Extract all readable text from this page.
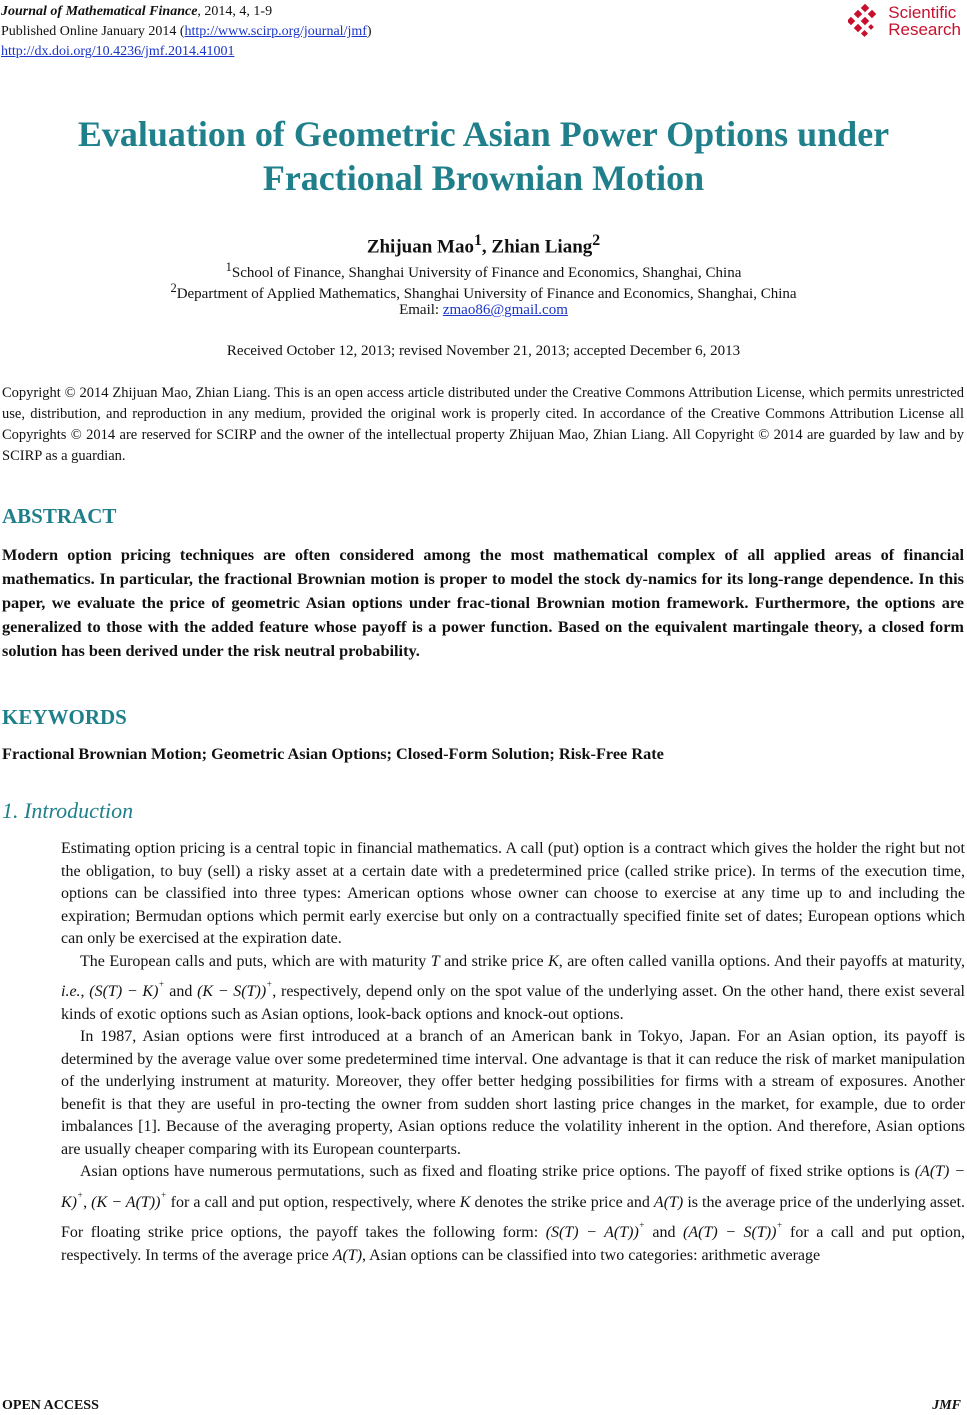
Journal of Mathematical Finance, 2014, 4, 1-9
Published Online January 2014 (http://www.scirp.org/journal/jmf)
http://dx.doi.org/10.4236/jmf.2014.41001
Scientific
Research
Evaluation of Geometric Asian Power Options under
Fractional Brownian Motion
Zhijuan Mao$^1$, Zhian Liang$^2$
$^1$School of Finance, Shanghai University of Finance and Economics, Shanghai, China
$^2$Department of Applied Mathematics, Shanghai University of Finance and Economics, Shanghai, China
Email: zmao86@gmail.com
Received October 12, 2013; revised November 21, 2013; accepted December 6, 2013
Copyright © 2014 Zhijuan Mao, Zhian Liang. This is an open access article distributed under the Creative Commons Attribution License, which permits unrestricted use, distribution, and reproduction in any medium, provided the original work is properly cited. In accordance of the Creative Commons Attribution License all Copyrights © 2014 are reserved for SCIRP and the owner of the intellectual property Zhijuan Mao, Zhian Liang. All Copyright © 2014 are guarded by law and by SCIRP as a guardian.
ABSTRACT
Modern option pricing techniques are often considered among the most mathematical complex of all applied areas of financial mathematics. In particular, the fractional Brownian motion is proper to model the stock dy-namics for its long-range dependence. In this paper, we evaluate the price of geometric Asian options under frac-tional Brownian motion framework. Furthermore, the options are generalized to those with the added feature whose payoff is a power function. Based on the equivalent martingale theory, a closed form solution has been derived under the risk neutral probability.
KEYWORDS
Fractional Brownian Motion; Geometric Asian Options; Closed-Form Solution; Risk-Free Rate
1. Introduction

Estimating option pricing is a central topic in financial mathematics. A call (put) option is a contract which gives the holder the right but not the obligation, to buy (sell) a risky asset at a certain date with a predetermined price (called strike price). In terms of the execution time, options can be classified into three types: American options whose owner can choose to exercise at any time up to and including the expiration; Bermudan options which permit early exercise but only on a contractually specified finite set of dates; European options which can only be exercised at the expiration date.

The European calls and puts, which are with maturity T and strike price K, are often called vanilla options. And their payoffs at maturity, i.e., (S(T) − K)+ and (K − S(T))+, respectively, depend only on the spot value of the underlying asset. On the other hand, there exist several kinds of exotic options such as Asian options, look-back options and knock-out options.

In 1987, Asian options were first introduced at a branch of an American bank in Tokyo, Japan. For an Asian option, its payoff is determined by the average value over some predetermined time interval. One advantage is that it can reduce the risk of market manipulation of the underlying instrument at maturity. Moreover, they offer better hedging possibilities for firms with a stream of exposures. Another benefit is that they are useful in pro-tecting the owner from sudden short lasting price changes in the market, for example, due to order imbalances [1]. Because of the averaging property, Asian options reduce the volatility inherent in the option. And therefore, Asian options are usually cheaper comparing with its European counterparts.

Asian options have numerous permutations, such as fixed and floating strike price options. The payoff of fixed strike options is (A(T) − K)+, (K − A(T))+ for a call and put option, respectively, where K denotes the strike price and A(T) is the average price of the underlying asset. For floating strike price options, the payoff takes the following form: (S(T) − A(T))+ and (A(T) − S(T))+ for a call and put option, respectively. In terms of the average price A(T), Asian options can be classified into two categories: arithmetic average

OPEN ACCESS	JMF
